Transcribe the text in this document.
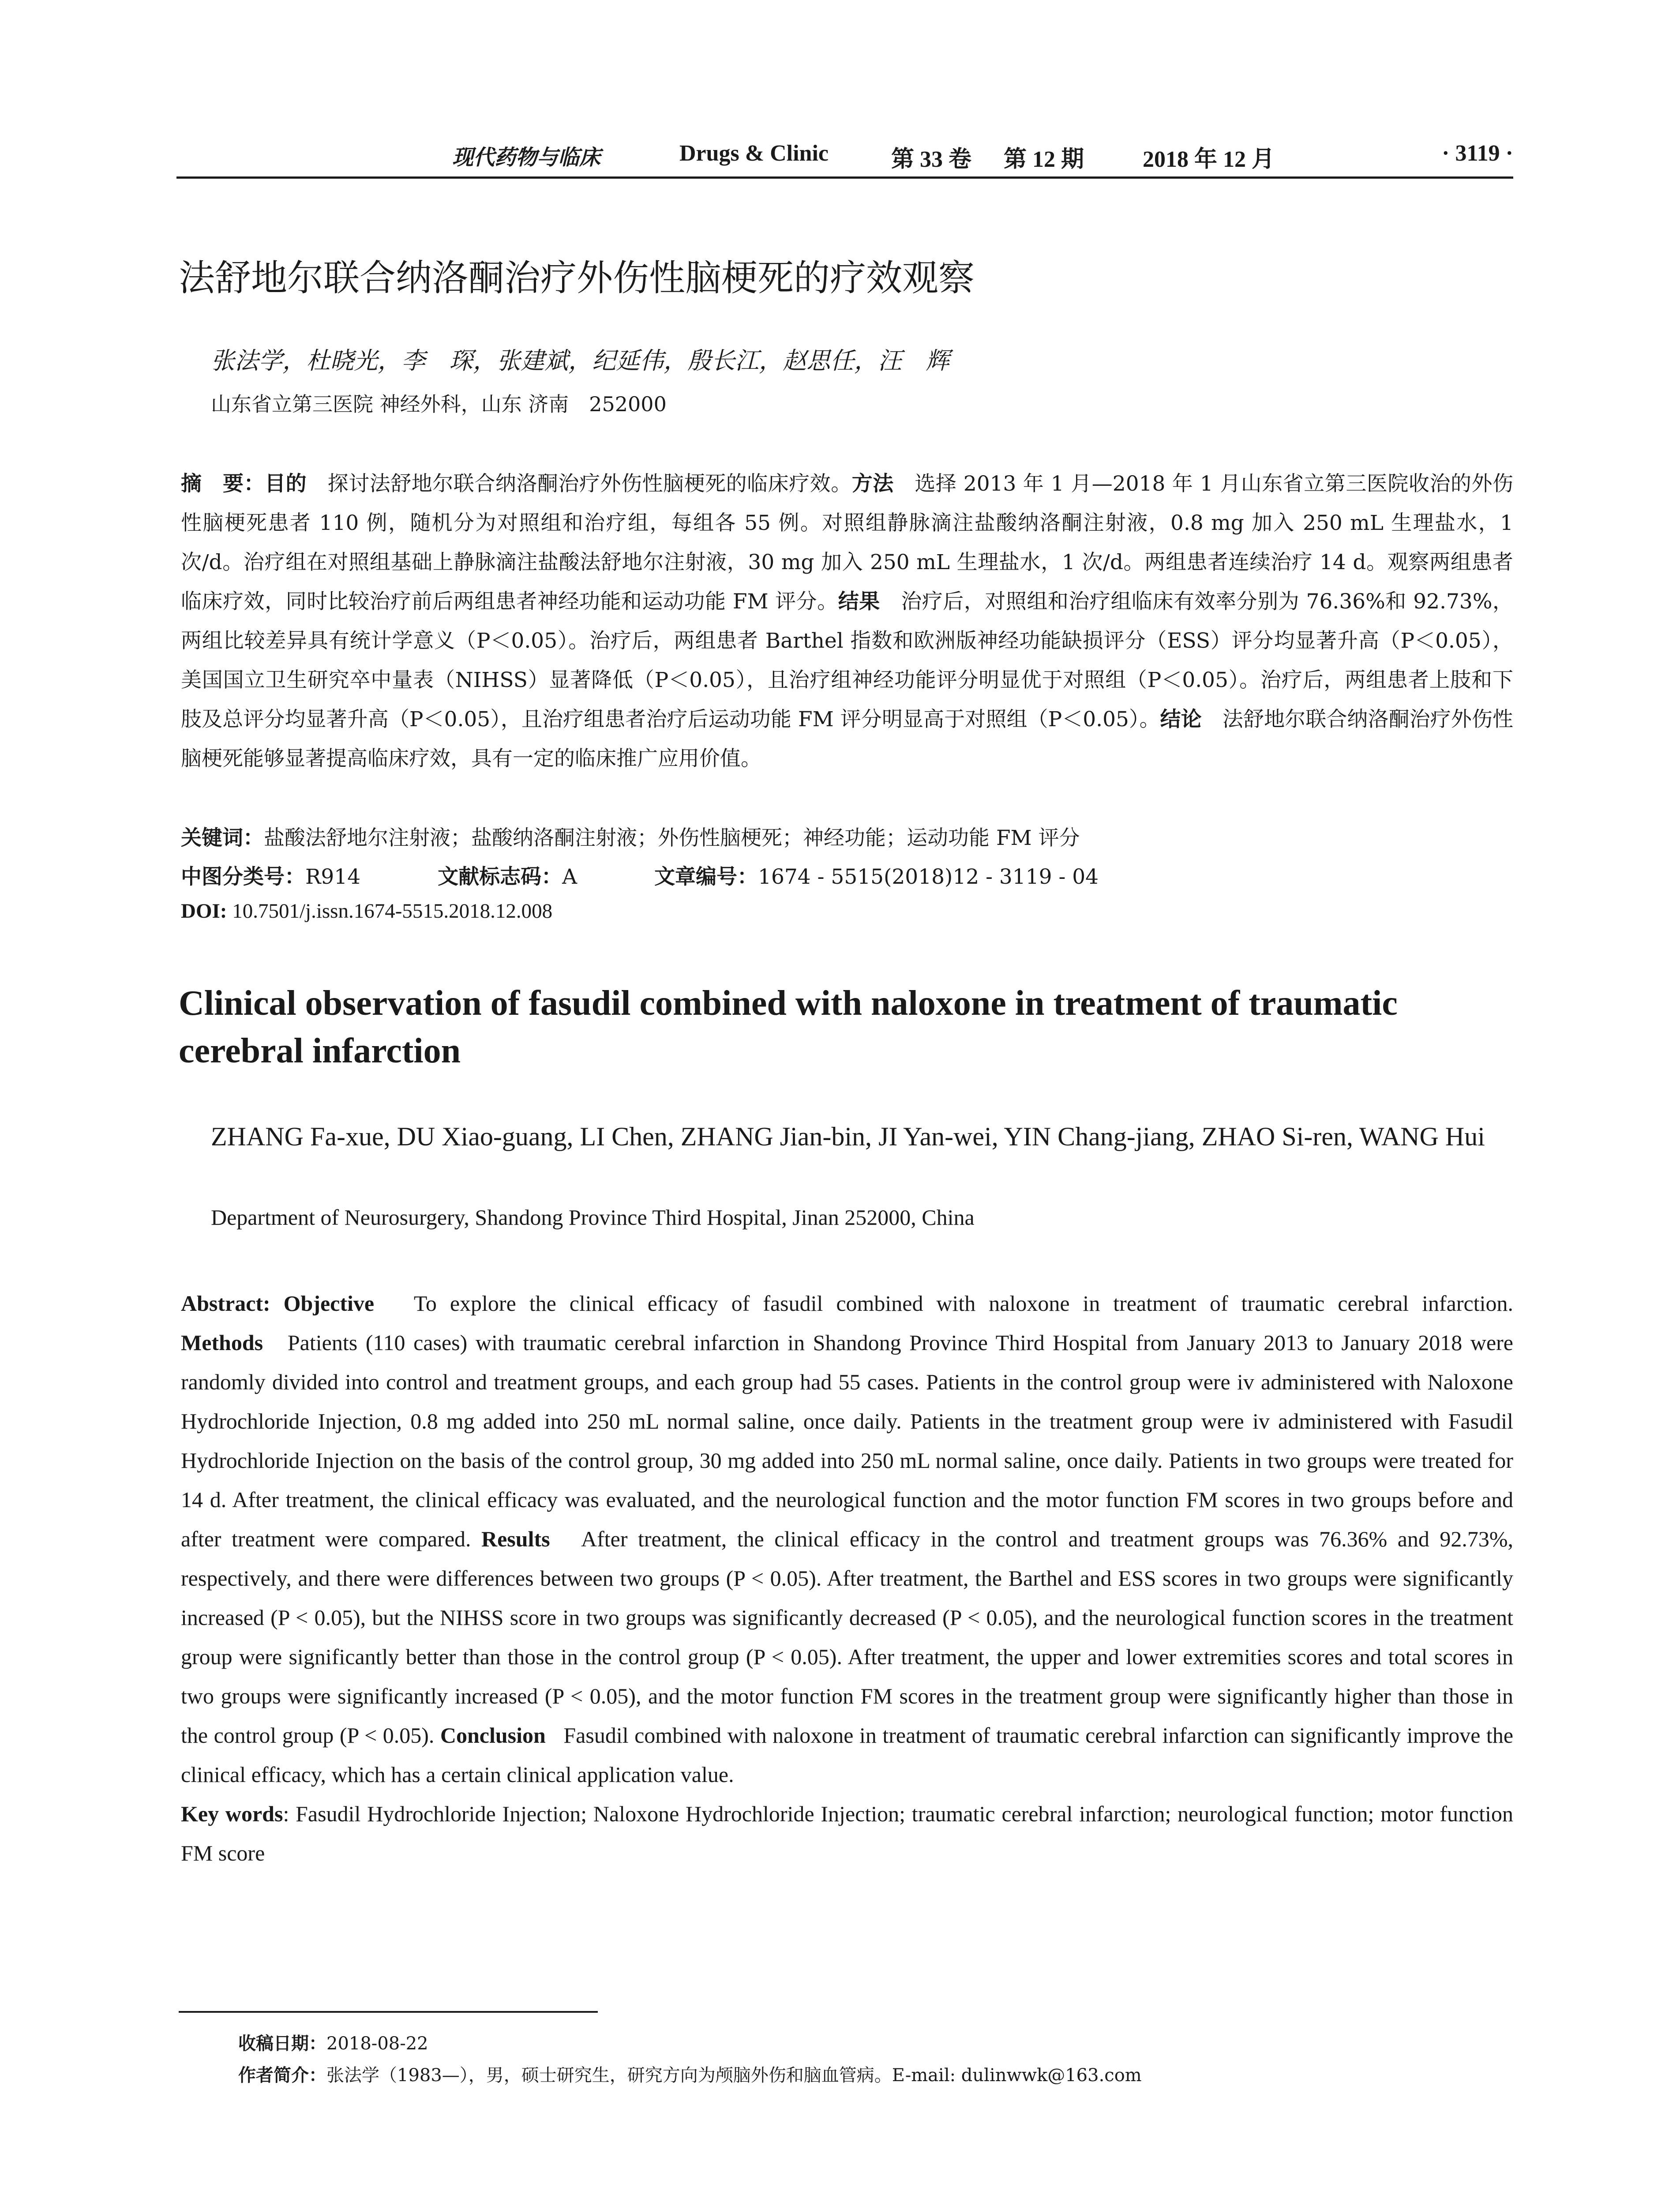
现代药物与临床	Drugs & Clinic	第 33 卷 第 12 期	2018 年 12 月	· 3119 ·
法舒地尔联合纳洛酮治疗外伤性脑梗死的疗效观察
张法学，杜晓光，李　琛，张建斌，纪延伟，殷长江，赵思任，汪　辉
山东省立第三医院 神经外科，山东 济南　252000
摘　要：目的　 探讨法舒地尔联合纳洛酮治疗外伤性脑梗死的临床疗效。方法　 选择 2013 年 1 月—2018 年 1 月山东省立第三医院收治的外伤性脑梗死患者 110 例，随机分为对照组和治疗组，每组各 55 例。对照组静脉滴注盐酸纳洛酮注射液，0.8 mg 加入 250 mL 生理盐水，1 次/d。治疗组在对照组基础上静脉滴注盐酸法舒地尔注射液，30 mg 加入 250 mL 生理盐水，1 次/d。两组患者连续治疗 14 d。观察两组患者临床疗效，同时比较治疗前后两组患者神经功能和运动功能 FM 评分。结果　 治疗后，对照组和治疗组临床有效率分别为 76.36%和 92.73%，两组比较差异具有统计学意义（P＜0.05）。治疗后，两组患者 Barthel 指数和欧洲版神经功能缺损评分（ESS）评分均显著升高（P＜0.05），美国国立卫生研究卒中量表（NIHSS）显著降低（P＜0.05），且治疗组神经功能评分明显优于对照组（P＜0.05）。治疗后，两组患者上肢和下肢及总评分均显著升高（P＜0.05），且治疗组患者治疗后运动功能 FM 评分明显高于对照组（P＜0.05）。结论　 法舒地尔联合纳洛酮治疗外伤性脑梗死能够显著提高临床疗效，具有一定的临床推广应用价值。
关键词：盐酸法舒地尔注射液；盐酸纳洛酮注射液；外伤性脑梗死；神经功能；运动功能 FM 评分
中图分类号：R914	文献标志码：A	文章编号：1674 - 5515(2018)12 - 3119 - 04
DOI: 10.7501/j.issn.1674-5515.2018.12.008
Clinical observation of fasudil combined with naloxone in treatment of traumatic cerebral infarction
ZHANG Fa-xue, DU Xiao-guang, LI Chen, ZHANG Jian-bin, JI Yan-wei, YIN Chang-jiang, ZHAO Si-ren, WANG Hui
Department of Neurosurgery, Shandong Province Third Hospital, Jinan 252000, China
Abstract: Objective To explore the clinical efficacy of fasudil combined with naloxone in treatment of traumatic cerebral infarction. Methods Patients (110 cases) with traumatic cerebral infarction in Shandong Province Third Hospital from January 2013 to January 2018 were randomly divided into control and treatment groups, and each group had 55 cases. Patients in the control group were iv administered with Naloxone Hydrochloride Injection, 0.8 mg added into 250 mL normal saline, once daily. Patients in the treatment group were iv administered with Fasudil Hydrochloride Injection on the basis of the control group, 30 mg added into 250 mL normal saline, once daily. Patients in two groups were treated for 14 d. After treatment, the clinical efficacy was evaluated, and the neurological function and the motor function FM scores in two groups before and after treatment were compared. Results After treatment, the clinical efficacy in the control and treatment groups was 76.36% and 92.73%, respectively, and there were differences between two groups (P < 0.05). After treatment, the Barthel and ESS scores in two groups were significantly increased (P < 0.05), but the NIHSS score in two groups was significantly decreased (P < 0.05), and the neurological function scores in the treatment group were significantly better than those in the control group (P < 0.05). After treatment, the upper and lower extremities scores and total scores in two groups were significantly increased (P < 0.05), and the motor function FM scores in the treatment group were significantly higher than those in the control group (P < 0.05). Conclusion Fasudil combined with naloxone in treatment of traumatic cerebral infarction can significantly improve the clinical efficacy, which has a certain clinical application value.
Key words: Fasudil Hydrochloride Injection; Naloxone Hydrochloride Injection; traumatic cerebral infarction; neurological function; motor function FM score
收稿日期：2018-08-22
作者简介：张法学（1983—），男，硕士研究生，研究方向为颅脑外伤和脑血管病。E-mail: dulinwwk@163.com
